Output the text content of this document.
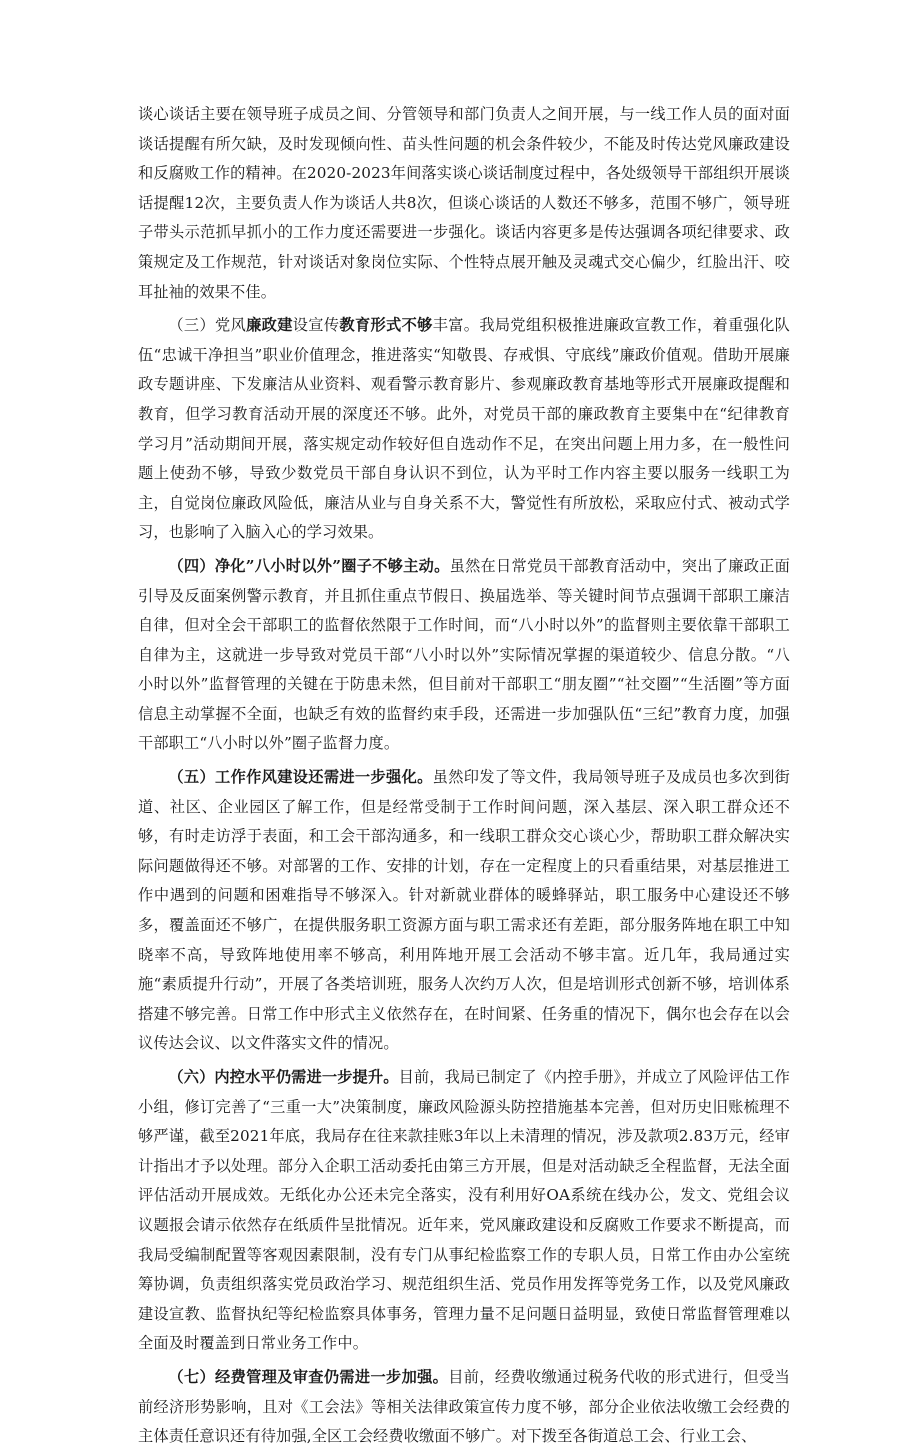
谈心谈话主要在领导班子成员之间、分管领导和部门负责人之间开展，与一线工作人员的面对面谈话提醒有所欠缺，及时发现倾向性、苗头性问题的机会条件较少，不能及时传达党风廉政建设和反腐败工作的精神。在2020-2023年间落实谈心谈话制度过程中，各处级领导干部组织开展谈话提醒12次，主要负责人作为谈话人共8次，但谈心谈话的人数还不够多，范围不够广，领导班子带头示范抓早抓小的工作力度还需要进一步强化。谈话内容更多是传达强调各项纪律要求、政策规定及工作规范，针对谈话对象岗位实际、个性特点展开触及灵魂式交心偏少，红脸出汗、咬耳扯袖的效果不佳。

（三）党风廉政建设宣传教育形式不够丰富。我局党组积极推进廉政宣教工作，着重强化队伍“忠诚干净担当”职业价值理念，推进落实“知敬畏、存戒惧、守底线”廉政价值观。借助开展廉政专题讲座、下发廉洁从业资料、观看警示教育影片、参观廉政教育基地等形式开展廉政提醒和教育，但学习教育活动开展的深度还不够。此外，对党员干部的廉政教育主要集中在“纪律教育学习月”活动期间开展，落实规定动作较好但自选动作不足，在突出问题上用力多，在一般性问题上使劲不够，导致少数党员干部自身认识不到位，认为平时工作内容主要以服务一线职工为主，自觉岗位廉政风险低，廉洁从业与自身关系不大，警觉性有所放松，采取应付式、被动式学习，也影响了入脑入心的学习效果。

（四）净化”八小时以外”圈子不够主动。虽然在日常党员干部教育活动中，突出了廉政正面引导及反面案例警示教育，并且抓住重点节假日、换届选举、等关键时间节点强调干部职工廉洁自律，但对全会干部职工的监督依然限于工作时间，而“八小时以外”的监督则主要依靠干部职工自律为主，这就进一步导致对党员干部“八小时以外”实际情况掌握的渠道较少、信息分散。“八小时以外”监督管理的关键在于防患未然，但目前对干部职工“朋友圈”“社交圈”“生活圈”等方面信息主动掌握不全面，也缺乏有效的监督约束手段，还需进一步加强队伍“三纪”教育力度，加强干部职工“八小时以外”圈子监督力度。

（五）工作作风建设还需进一步强化。虽然印发了等文件，我局领导班子及成员也多次到街道、社区、企业园区了解工作，但是经常受制于工作时间问题，深入基层、深入职工群众还不够，有时走访浮于表面，和工会干部沟通多，和一线职工群众交心谈心少，帮助职工群众解决实际问题做得还不够。对部署的工作、安排的计划，存在一定程度上的只看重结果，对基层推进工作中遇到的问题和困难指导不够深入。针对新就业群体的暖蜂驿站，职工服务中心建设还不够多，覆盖面还不够广，在提供服务职工资源方面与职工需求还有差距，部分服务阵地在职工中知晓率不高，导致阵地使用率不够高，利用阵地开展工会活动不够丰富。近几年，我局通过实施“素质提升行动”，开展了各类培训班，服务人次约万人次，但是培训形式创新不够，培训体系搭建不够完善。日常工作中形式主义依然存在，在时间紧、任务重的情况下，偶尔也会存在以会议传达会议、以文件落实文件的情况。

（六）内控水平仍需进一步提升。目前，我局已制定了《内控手册》，并成立了风险评估工作小组，修订完善了“三重一大”决策制度，廉政风险源头防控措施基本完善，但对历史旧账梳理不够严谨，截至2021年底，我局存在往来款挂账3年以上未清理的情况，涉及款项2.83万元，经审计指出才予以处理。部分入企职工活动委托由第三方开展，但是对活动缺乏全程监督，无法全面评估活动开展成效。无纸化办公还未完全落实，没有利用好OA系统在线办公，发文、党组会议议题报会请示依然存在纸质件呈批情况。近年来，党风廉政建设和反腐败工作要求不断提高，而我局受编制配置等客观因素限制，没有专门从事纪检监察工作的专职人员，日常工作由办公室统筹协调，负责组织落实党员政治学习、规范组织生活、党员作用发挥等党务工作，以及党风廉政建设宣教、监督执纪等纪检监察具体事务，管理力量不足问题日益明显，致使日常监督管理难以全面及时覆盖到日常业务工作中。

（七）经费管理及审查仍需进一步加强。目前，经费收缴通过税务代收的形式进行，但受当前经济形势影响，且对《工会法》等相关法律政策宣传力度不够，部分企业依法收缴工会经费的主体责任意识还有待加强,全区工会经费收缴面不够广。对下拨至各街道总工会、行业工会、
